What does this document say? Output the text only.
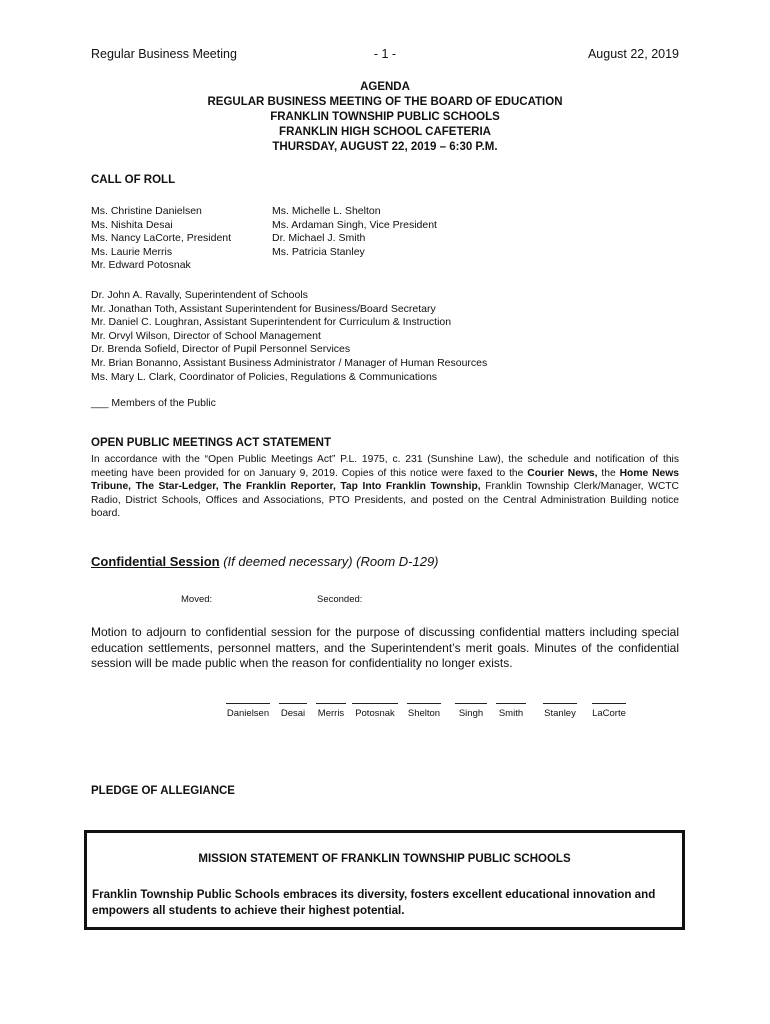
Regular Business Meeting	- 1 -	August 22, 2019
AGENDA
REGULAR BUSINESS MEETING OF THE BOARD OF EDUCATION
FRANKLIN TOWNSHIP PUBLIC SCHOOLS
FRANKLIN HIGH SCHOOL CAFETERIA
THURSDAY, AUGUST 22, 2019 – 6:30 P.M.
CALL OF ROLL
Ms. Christine Danielsen
Ms. Nishita Desai
Ms. Nancy LaCorte, President
Ms. Laurie Merris
Mr. Edward Potosnak
Ms. Michelle L. Shelton
Ms. Ardaman Singh, Vice President
Dr. Michael J. Smith
Ms. Patricia Stanley
Dr. John A. Ravally, Superintendent of Schools
Mr. Jonathan Toth, Assistant Superintendent for Business/Board Secretary
Mr. Daniel C. Loughran, Assistant Superintendent for Curriculum & Instruction
Mr. Orvyl Wilson, Director of School Management
Dr. Brenda Sofield, Director of Pupil Personnel Services
Mr. Brian Bonanno, Assistant Business Administrator / Manager of Human Resources
Ms. Mary L. Clark, Coordinator of Policies, Regulations & Communications
___ Members of the Public
OPEN PUBLIC MEETINGS ACT STATEMENT
In accordance with the “Open Public Meetings Act” P.L. 1975, c. 231 (Sunshine Law), the schedule and notification of this meeting have been provided for on January 9, 2019. Copies of this notice were faxed to the Courier News, the Home News Tribune, The Star-Ledger, The Franklin Reporter, Tap Into Franklin Township, Franklin Township Clerk/Manager, WCTC Radio, District Schools, Offices and Associations, PTO Presidents, and posted on the Central Administration Building notice board.
Confidential Session (If deemed necessary) (Room D-129)
Moved:	Seconded:
Motion to adjourn to confidential session for the purpose of discussing confidential matters including special education settlements, personnel matters, and the Superintendent’s merit goals. Minutes of the confidential session will be made public when the reason for confidentiality no longer exists.
Danielsen	Desai	Merris	Potosnak	Shelton	Singh	Smith	Stanley	LaCorte
PLEDGE OF ALLEGIANCE
MISSION STATEMENT OF FRANKLIN TOWNSHIP PUBLIC SCHOOLS
Franklin Township Public Schools embraces its diversity, fosters excellent educational innovation and empowers all students to achieve their highest potential.
